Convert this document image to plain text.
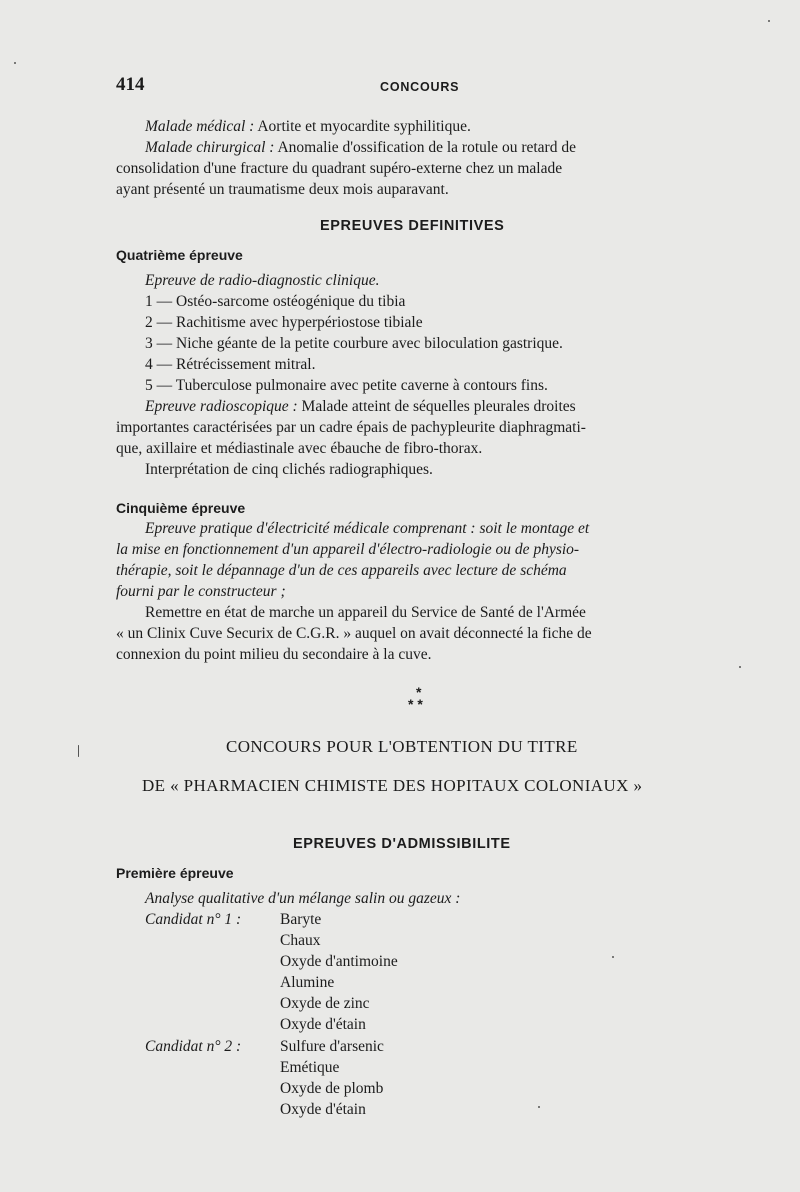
414	CONCOURS
Malade médical : Aortite et myocardite syphilitique.
Malade chirurgical : Anomalie d'ossification de la rotule ou retard de
consolidation d'une fracture du quadrant supéro-externe chez un malade
ayant présenté un traumatisme deux mois auparavant.
EPREUVES DEFINITIVES
Quatrième épreuve
Epreuve de radio-diagnostic clinique.
1 — Ostéo-sarcome ostéogénique du tibia
2 — Rachitisme avec hyperpériostose tibiale
3 — Niche géante de la petite courbure avec biloculation gastrique.
4 — Rétrécissement mitral.
5 — Tuberculose pulmonaire avec petite caverne à contours fins.
Epreuve radioscopique : Malade atteint de séquelles pleurales droites
importantes caractérisées par un cadre épais de pachypleurite diaphragmati-
que, axillaire et médiastinale avec ébauche de fibro-thorax.
Interprétation de cinq clichés radiographiques.
Cinquième épreuve
Epreuve pratique d'électricité médicale comprenant : soit le montage et
la mise en fonctionnement d'un appareil d'électro-radiologie ou de physio-
thérapie, soit le dépannage d'un de ces appareils avec lecture de schéma
fourni par le constructeur ;
Remettre en état de marche un appareil du Service de Santé de l'Armée
« un Clinix Cuve Securix de C.G.R. » auquel on avait déconnecté la fiche de
connexion du point milieu du secondaire à la cuve.
*
* *
CONCOURS POUR L'OBTENTION DU TITRE
DE « PHARMACIEN CHIMISTE DES HOPITAUX COLONIAUX »
EPREUVES D'ADMISSIBILITE
Première épreuve
Analyse qualitative d'un mélange salin ou gazeux :
Candidat n° 1 :	Baryte
Chaux
Oxyde d'antimoine
Alumine
Oxyde de zinc
Oxyde d'étain
Candidat n° 2 :	Sulfure d'arsenic
Emétique
Oxyde de plomb
Oxyde d'étain
